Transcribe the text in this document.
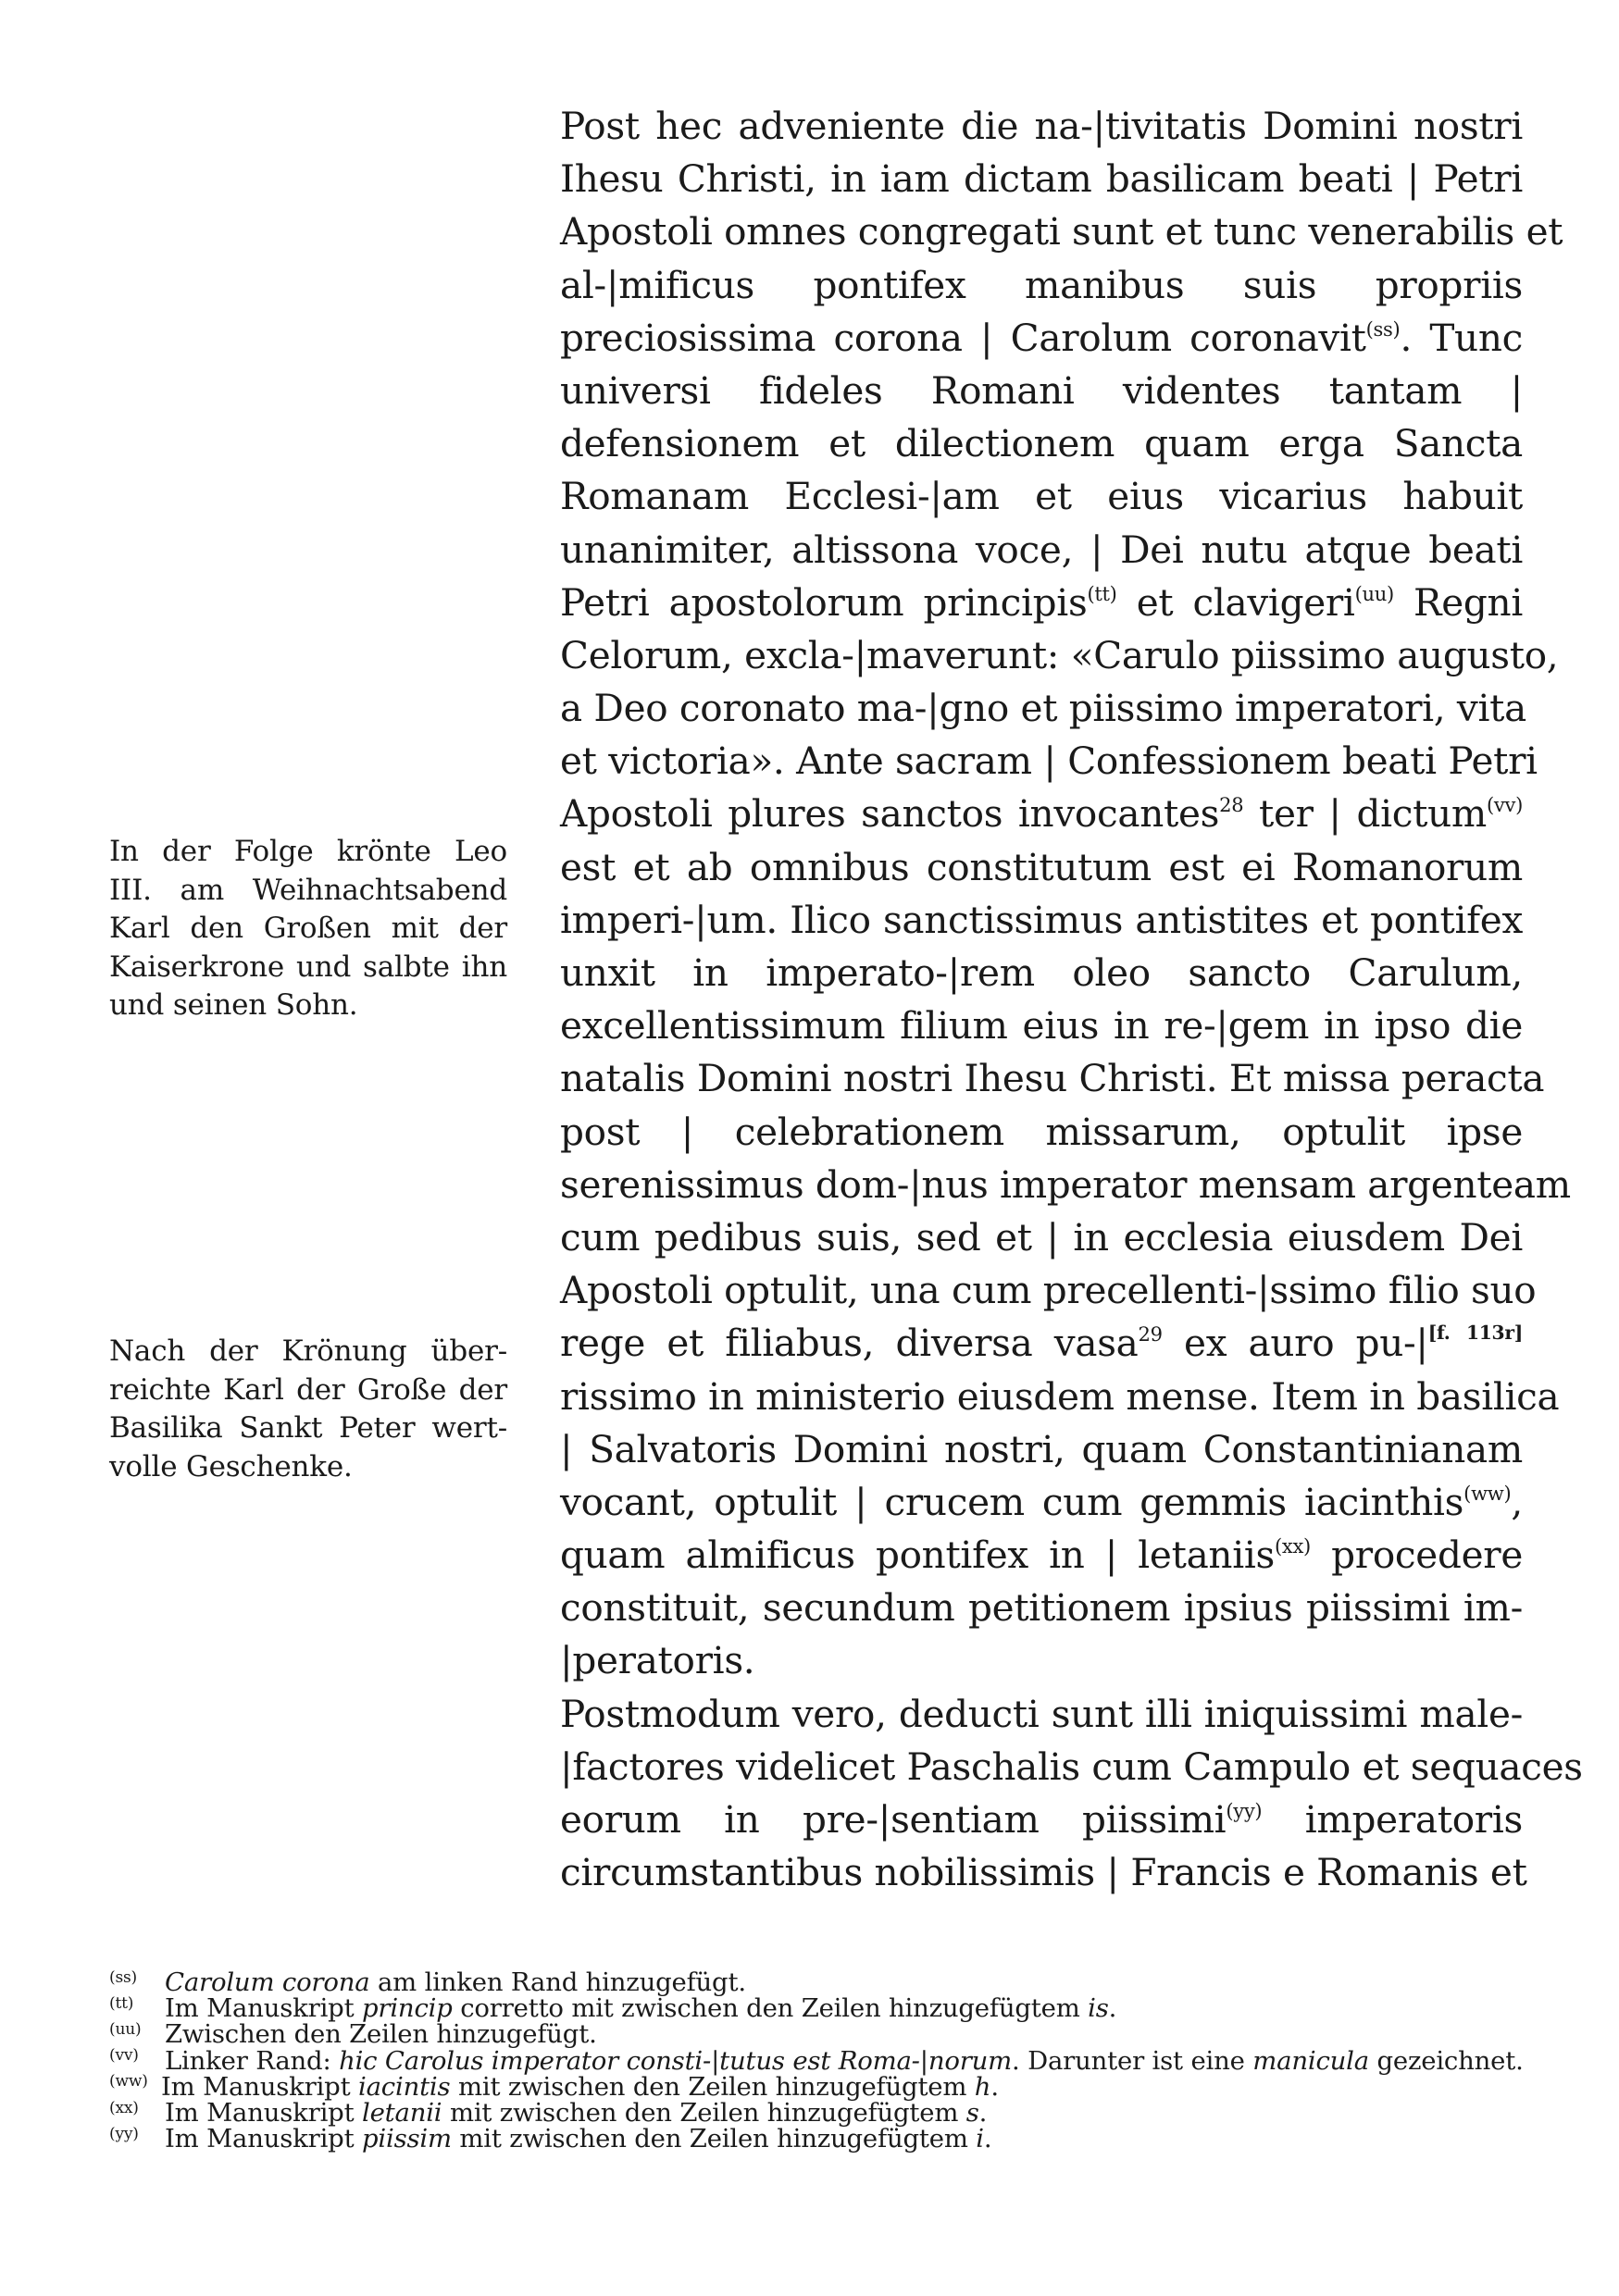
Post hec adveniente die na-|tivitatis Domini nostri
Ihesu Christi, in iam dictam basilicam beati | Petri
Apostoli omnes congregati sunt et tunc venerabilis et
al-|mificus pontifex manibus suis propriis
preciosissima corona | Carolum coronavit$^{(ss)}$. Tunc
universi fideles Romani videntes tantam |
defensionem et dilectionem quam erga Sancta
Romanam Ecclesi-|am et eius vicarius habuit
unanimiter, altissona voce, | Dei nutu atque beati
Petri apostolorum principis$^{(tt)}$ et clavigeri$^{(uu)}$ Regni
Celorum, excla-|maverunt: «Carulo piissimo augusto,
a Deo coronato ma-|gno et piissimo imperatori, vita
et victoria». Ante sacram | Confessionem beati Petri
Apostoli plures sanctos invocantes$^{28}$ ter | dictum$^{(vv)}$
est et ab omnibus constitutum est ei Romanorum
imperi-|um. Ilico sanctissimus antistites et pontifex
unxit in imperato-|rem oleo sancto Carulum,
excellentissimum filium eius in re-|gem in ipso die
natalis Domini nostri Ihesu Christi. Et missa peracta
post | celebrationem missarum, optulit ipse
serenissimus dom-|nus imperator mensam argenteam
cum pedibus suis, sed et | in ecclesia eiusdem Dei
Apostoli optulit, una cum precellenti-|ssimo filio suo
rege et filiabus, diversa vasa$^{29}$ ex auro pu-|[f. 113r]
rissimo in ministerio eiusdem mense. Item in basilica
| Salvatoris Domini nostri, quam Constantinianam
vocant, optulit | crucem cum gemmis iacinthis$^{(ww)}$,
quam almificus pontifex in | letaniis$^{(xx)}$ procedere
constituit, secundum petitionem ipsius piissimi im-
|peratoris.
Postmodum vero, deducti sunt illi iniquissimi male-
|factores videlicet Paschalis cum Campulo et sequaces
eorum in pre-|sentiam piissimi$^{(yy)}$ imperatoris
circumstantibus nobilissimis | Francis e Romanis et
In der Folge krönte Leo
III. am Weihnachtsabend
Karl den Großen mit der
Kaiserkrone und salbte ihn
und seinen Sohn.
Nach der Krönung über-
reichte Karl der Große der
Basilika Sankt Peter wert-
volle Geschenke.
(ss) Carolum corona am linken Rand hinzugefügt.
(tt) Im Manuskript princip corretto mit zwischen den Zeilen hinzugefügtem is.
(uu) Zwischen den Zeilen hinzugefügt.
(vv) Linker Rand: hic Carolus imperator consti-|tutus est Roma-|norum. Darunter ist eine manicula gezeichnet.
(ww) Im Manuskript iacintis mit zwischen den Zeilen hinzugefügtem h.
(xx) Im Manuskript letanii mit zwischen den Zeilen hinzugefügtem s.
(yy) Im Manuskript piissim mit zwischen den Zeilen hinzugefügtem i.
